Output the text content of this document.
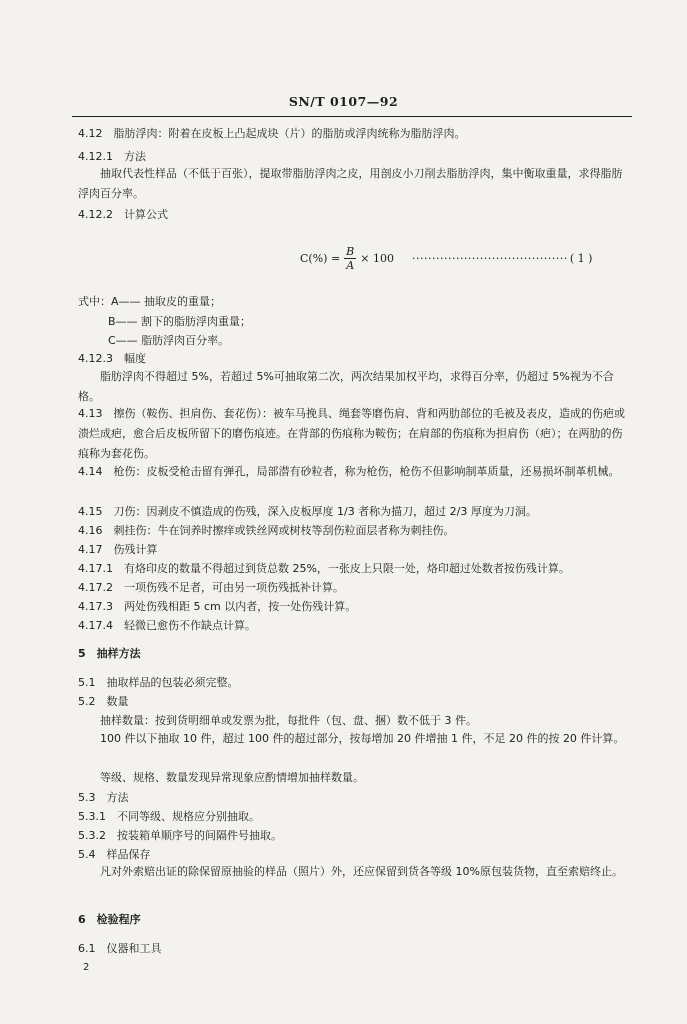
SN/T 0107—92
4.12　脂肪浮肉：附着在皮板上凸起成块（片）的脂肪或浮肉统称为脂肪浮肉。
4.12.1　方法
抽取代表性样品（不低于百张），提取带脂肪浮肉之皮，用剖皮小刀削去脂肪浮肉，集中衡取重量，求得脂肪浮肉百分率。
4.12.2　计算公式
$C(\%) = \frac{B}{A} \times 100$ ······································· ( 1 )
式中：A—— 抽取皮的重量；
B—— 割下的脂肪浮肉重量；
C—— 脂肪浮肉百分率。
4.12.3　幅度
脂肪浮肉不得超过 5%，若超过 5%可抽取第二次，两次结果加权平均，求得百分率，仍超过 5%视为不合格。
4.13　擦伤（鞍伤、担肩伤、套花伤）：被车马挽具、绳套等磨伤肩、背和两肋部位的毛被及表皮，造成的伤疤或溃烂成疤，愈合后皮板所留下的磨伤痕迹。在背部的伤痕称为鞍伤；在肩部的伤痕称为担肩伤（疤）；在两肋的伤痕称为套花伤。
4.14　枪伤：皮板受枪击留有弹孔，局部潜有砂粒者，称为枪伤，枪伤不但影响制革质量，还易损坏制革机械。
4.15　刀伤：因剥皮不慎造成的伤残，深入皮板厚度 1/3 者称为描刀，超过 2/3 厚度为刀洞。
4.16　刺挂伤：牛在饲养时擦痒或铁丝网或树枝等刮伤粒面层者称为刺挂伤。
4.17　伤残计算
4.17.1　有烙印皮的数量不得超过到货总数 25%，一张皮上只限一处，烙印超过处数者按伤残计算。
4.17.2　一项伤残不足者，可由另一项伤残抵补计算。
4.17.3　两处伤残相距 5 cm 以内者，按一处伤残计算。
4.17.4　轻微已愈伤不作缺点计算。
5　抽样方法
5.1　抽取样品的包装必须完整。
5.2　数量
抽样数量：按到货明细单或发票为批，每批件（包、盘、捆）数不低于 3 件。
100 件以下抽取 10 件，超过 100 件的超过部分，按每增加 20 件增抽 1 件，不足 20 件的按 20 件计算。
等级、规格、数量发现异常现象应酌情增加抽样数量。
5.3　方法
5.3.1　不同等级、规格应分别抽取。
5.3.2　按装箱单顺序号的间隔件号抽取。
5.4　样品保存
凡对外索赔出证的除保留原抽验的样品（照片）外，还应保留到货各等级 10%原包装货物，直至索赔终止。
6　检验程序
6.1　仪器和工具
2
